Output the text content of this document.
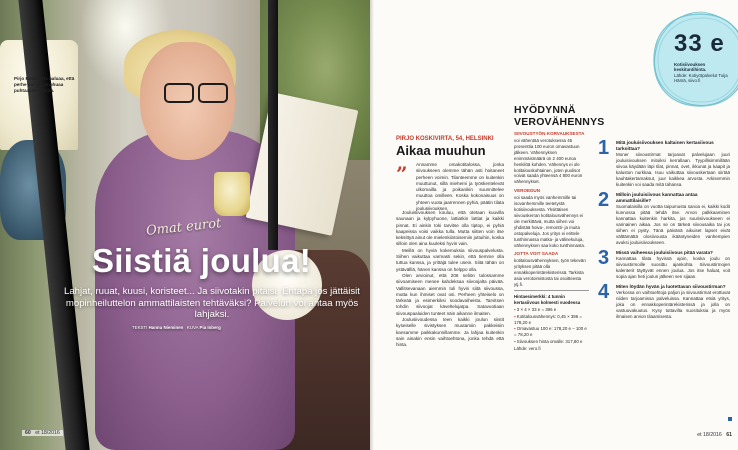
Pirjo Koskivirta haluaa, että perhe voi keskeinhuaa puhtaassen kodin.
Omat eurot
Siistiä joulua!
Lahjat, ruuat, kuusi, koristeet... Ja siivotakin pitäisi. Entäpä jos jättäisit mopinheiluttelon ammattilaisten tehtäväksi? Palvelun voi antaa myös lahjaksi.
TEKSTI Hannu Nieminen KUVA Pia Inberg
60 et 18/2016
33 e
Kotisiivouksen keskituntihinta.
Lähde: Kotiyötpalvelut Tuija Hämä, siivo.fi
PIRJO KOSKIVIRTA, 54, HELSINKI
Aikaa muuhun
” Annamme omakotitalossa, jonka siivoukseen olemme tähän asti hoitaneet perheen voimin. Tilanteemme on kuitenkin muuttunut, sillä miehemi ja työskentelevät ulkomailla ja poikanikin suunnittelee muuttoa omilleen. Koska kokonaisuus on yhteen vuota jaarrennen pyhiä, päätin tilata joulusiivouksen.

Jouluisiivouksen kouluu, että otetaan kuuvilla saunaan ja kylpyhuone, lattiatkin lattiat ja kaikki pinnat. Ei ainkin toki tarvitse olla tiptop, ei pyhiä kaapeissa voisi vaikka tulla. Mutta siitten voin itse keksittyä ainut ole mielenkiintoisemiin juttuihin, koska silloin olen aina kuuleksi hyvin vain.

Meillä on hyviä kokemuksia siivouspalvelusta. Siihen vaikuttaa varmasti sekin, että tiemme olla tuttua kanssa, ja yrittäjä tulee usein. Siitä tähän on ystävälllä, hänen kanssa on helppo olla.

Olen arvioinut, että 206 neliön talossamme siivoamiseen menee kahdeksaa siivoojalta päivää. Vallitsevanaan aiemmin tuli hyvin siitä siivoussa, mutta kun ihmiset ovat osi. Perheen yhteiselo on tärkeää ja esimerkiksi soodavaiheista. Tarvitsen tohdin siivoojat käveltelujatpa. Satavuotiaan siivouspaaluiden tunteet näin aikanne ilmaiten.

Joulusiivoudessa teen kaikki joulun siistit kyseiselle sivistyksen muutamiin pakkeisiin kansamme paikkakunnillamme. Ja lahjaa kuitenkin sain ainakin ensin vaihtoehtona, jonka tehdä että hinta.

HYÖDYNNÄ VEROVÄHENNYS
SIIVOUSTYÖN KORVAUKSESTA
voi vähentää verotuksessa 45 prosenttia 100 euron omavastuun jälkeen. Vähennyksen enimmäismäärä on 2 400 euroa henkilöä kohden. Vähennys ei ole kotitalouskohtainen, joten puolisot voivat saada yhteensä 4 800 euron vähennykset.
VEROEDUN
voi saada myös vanhemmille tai isovanhemmille teetetystä kotisiivouksesta. Yksittäisen siivouskerran kotitalousvähennys ei ole merkittävä, mutta siihen voi yhdistää hoiva-, remontti- ja muita ostopalveluja. Jos yritys ei erittele tunthinnassa matka- ja välinekuluja, vähennyksen saa koko tunthinnasta.
JOTTA VOIT SAADA
kotitalousvähennyksen, työn tekevän yrityksen pitää olla ennakkoperintärekisterissä. Tarkista asia verotoimistosta tai osoitteesta ytj.fi.
Hintaesimerkki: 4 tunnin kertasiivous kolmesti vuodessa
▪ 3 × 4 × 33 e = 396 e
▪ Kotitalousvähennys: 0,45 × 396 = 178,20 e
▪ Omavastuu 100 e: 178,20 e – 100 e = 78,20 e
▪ Siivouksen hinta omalle: 317,80 e
Lähde: vero.fi
1 Mitä jouluisiivouksen kaltainen kertasiivous tarkoittaa?
Moner siivoustirmat tarjoavat palvelujaan juuri jouluisivouksen mitoiksi kerrallaan. Tyypillisimmillään siivoa käydään läpi tilat, pinnat, ovet, ikkunat ja kaapit ja kaluston nurkkaa. Isuu vaikuttaa siivouskertaan siirtää kauhtakertamaksut, juur kaikkea arvosta. Arkisemmin kuitenkin voi saada mitä tahansa.
2 Milloin jouluisiivous kannattaa antaa ammattilaisille?
Suomalaisilla on vuotta taipumusta sanoa ei, kaikki kodit kunnossa pitää tehdä itse. Arvon palkkaaminen kannattaa kuitenkin harkita, jos suurisiivoukseen ei varinainen aikaa. Jos se on tärkeä siivousaika tai jos siihen ei pysty. Tänä päivänä aikuiset lapset eivät välttämättä olosiivousta ikääntyneiden vanhempien avuksi jouluisiivoukseen.
3 Missä vaiheessa jouluisiivous pitää varata?
Kannattaa tilata hyvissä ajoin, koska joulu on siivoustirmoille suosittu ajankohta. Siivoustirmojen kalenterit täyttyvät ennen joulua. Jos itse haluat, voit sopia ajan heti joulun jälkeen sen sijaan.
4 Miten löydän hyvän ja luotettavan siivoustirman?
Verkossa on vaihtoehtoja paljon ja siivoustirmat erottuvat niiden tarjoamissa palveluissa. Kannattaa etsiä yritys, joka on ennakkoperintärekisterissä ja jolla on vastuuvakuutus. Kysy tuttavilta suosituksia ja myös ilmaisen arvion tilaamisesta.
et 18/2016 61
